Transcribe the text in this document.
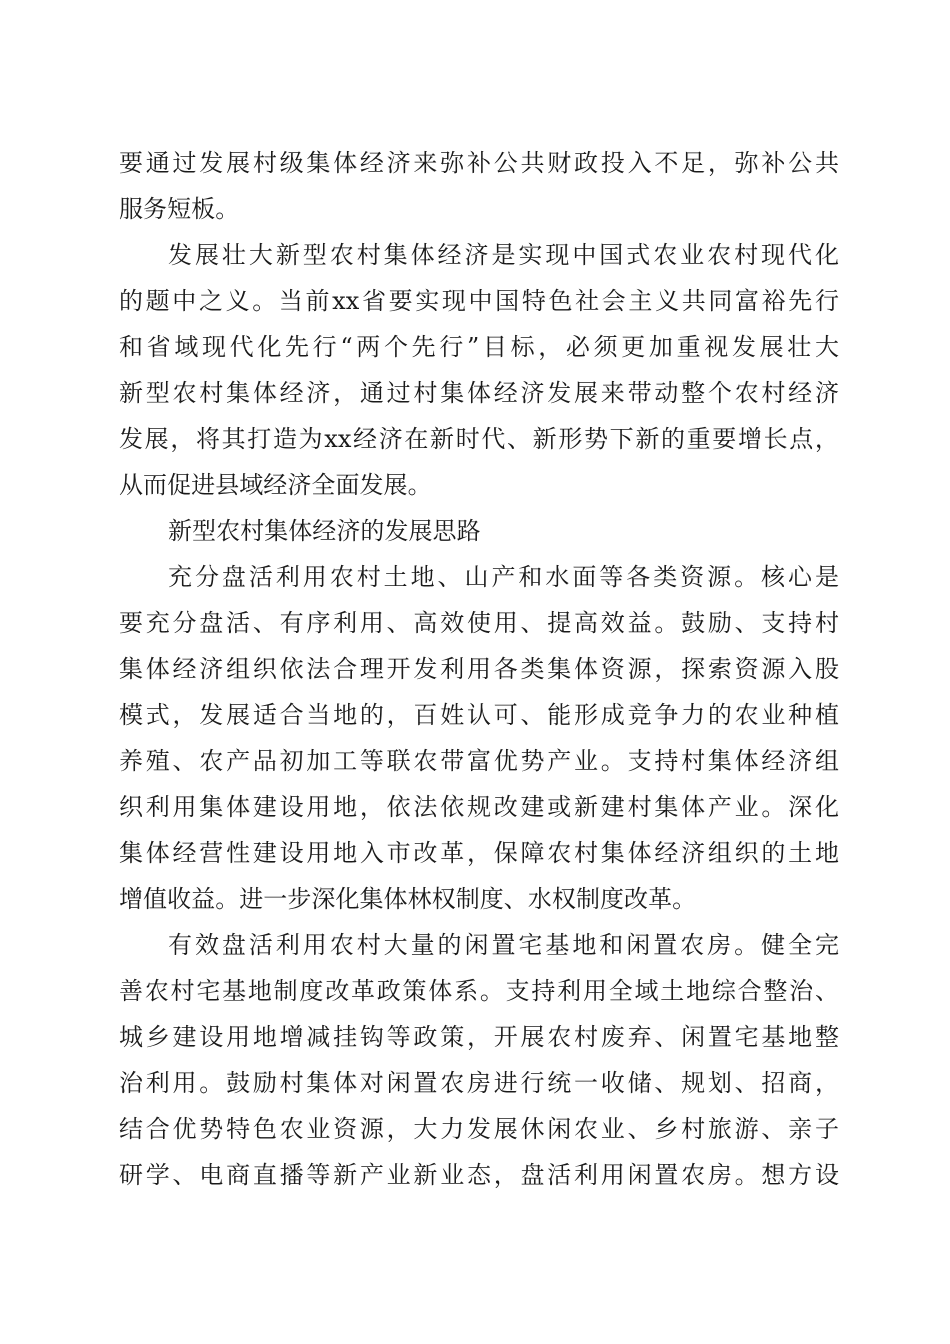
要通过发展村级集体经济来弥补公共财政投入不足，弥补公共
服务短板。
发展壮大新型农村集体经济是实现中国式农业农村现代化
的题中之义。当前xx省要实现中国特色社会主义共同富裕先行
和省域现代化先行“两个先行”目标，必须更加重视发展壮大
新型农村集体经济，通过村集体经济发展来带动整个农村经济
发展，将其打造为xx经济在新时代、新形势下新的重要增长点，
从而促进县域经济全面发展。
新型农村集体经济的发展思路
充分盘活利用农村土地、山产和水面等各类资源。核心是
要充分盘活、有序利用、高效使用、提高效益。鼓励、支持村
集体经济组织依法合理开发利用各类集体资源，探索资源入股
模式，发展适合当地的，百姓认可、能形成竞争力的农业种植
养殖、农产品初加工等联农带富优势产业。支持村集体经济组
织利用集体建设用地，依法依规改建或新建村集体产业。深化
集体经营性建设用地入市改革，保障农村集体经济组织的土地
增值收益。进一步深化集体林权制度、水权制度改革。
有效盘活利用农村大量的闲置宅基地和闲置农房。健全完
善农村宅基地制度改革政策体系。支持利用全域土地综合整治、
城乡建设用地增减挂钩等政策，开展农村废弃、闲置宅基地整
治利用。鼓励村集体对闲置农房进行统一收储、规划、招商，
结合优势特色农业资源，大力发展休闲农业、乡村旅游、亲子
研学、电商直播等新产业新业态，盘活利用闲置农房。想方设
